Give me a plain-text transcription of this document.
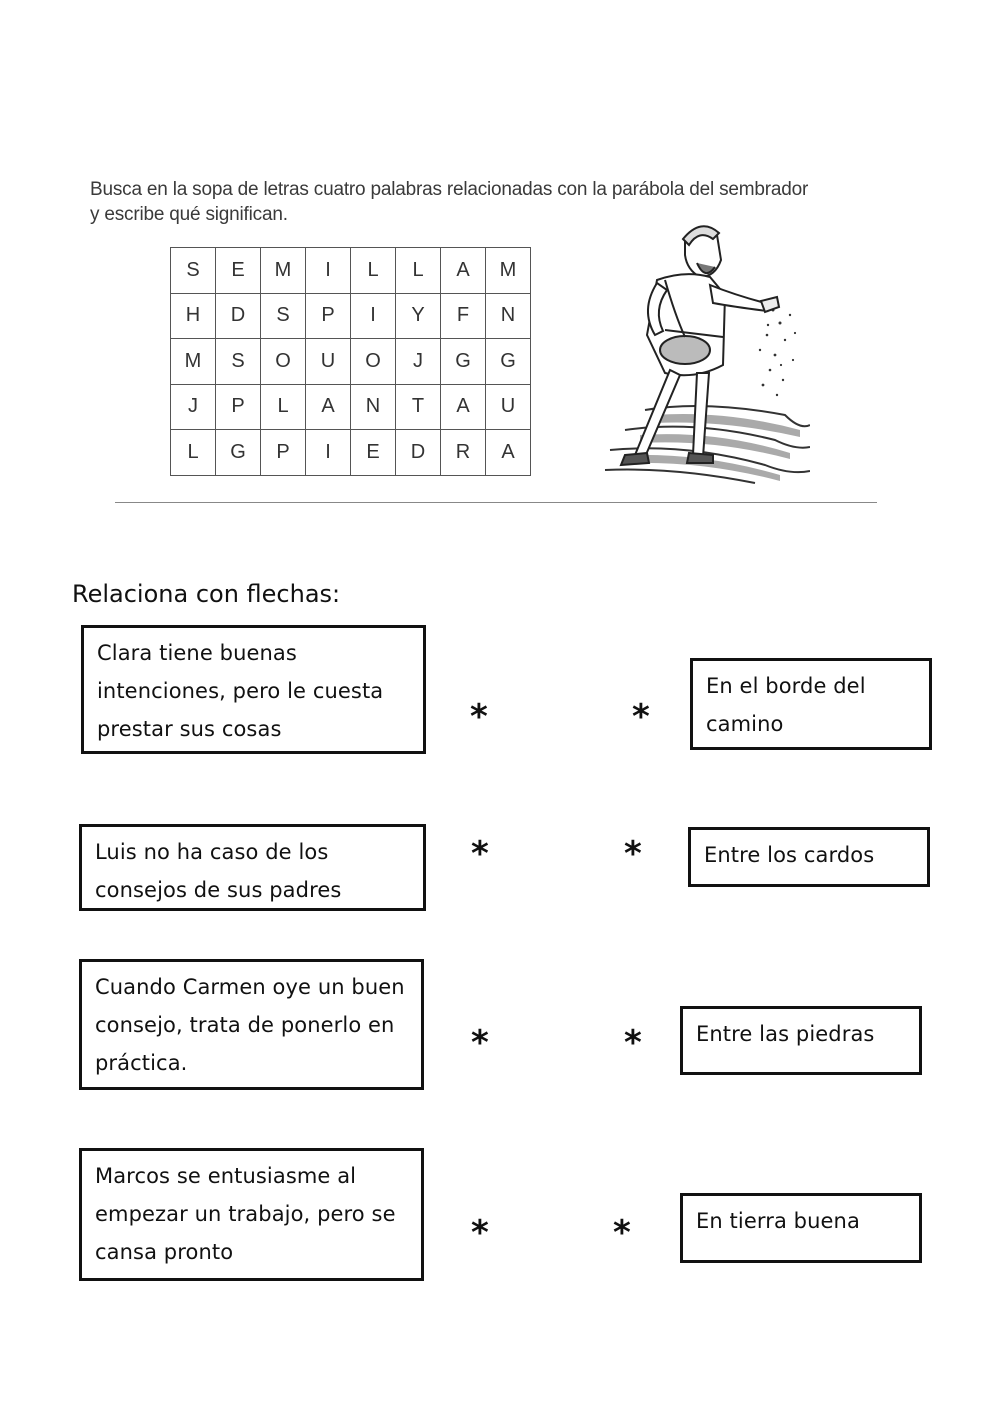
Busca en la sopa de letras cuatro palabras relacionadas con la parábola del sembrador
y escribe qué significan.
S	E	M	I	L	L	A	M
H	D	S	P	I	Y	F	N
M	S	O	U	O	J	G	G
J	P	L	A	N	T	A	U
L	G	P	I	E	D	R	A
Relaciona con flechas:
Clara tiene buenas
intenciones, pero le cuesta
prestar sus cosas
Luis no ha caso de los
consejos de sus padres
Cuando Carmen oye un buen
consejo, trata de ponerlo en
práctica.
Marcos se entusiasme al
empezar un trabajo, pero se
cansa pronto
*	*
*	*
*	*
*	*
En el borde del
camino
Entre los cardos
Entre las piedras
En tierra buena
